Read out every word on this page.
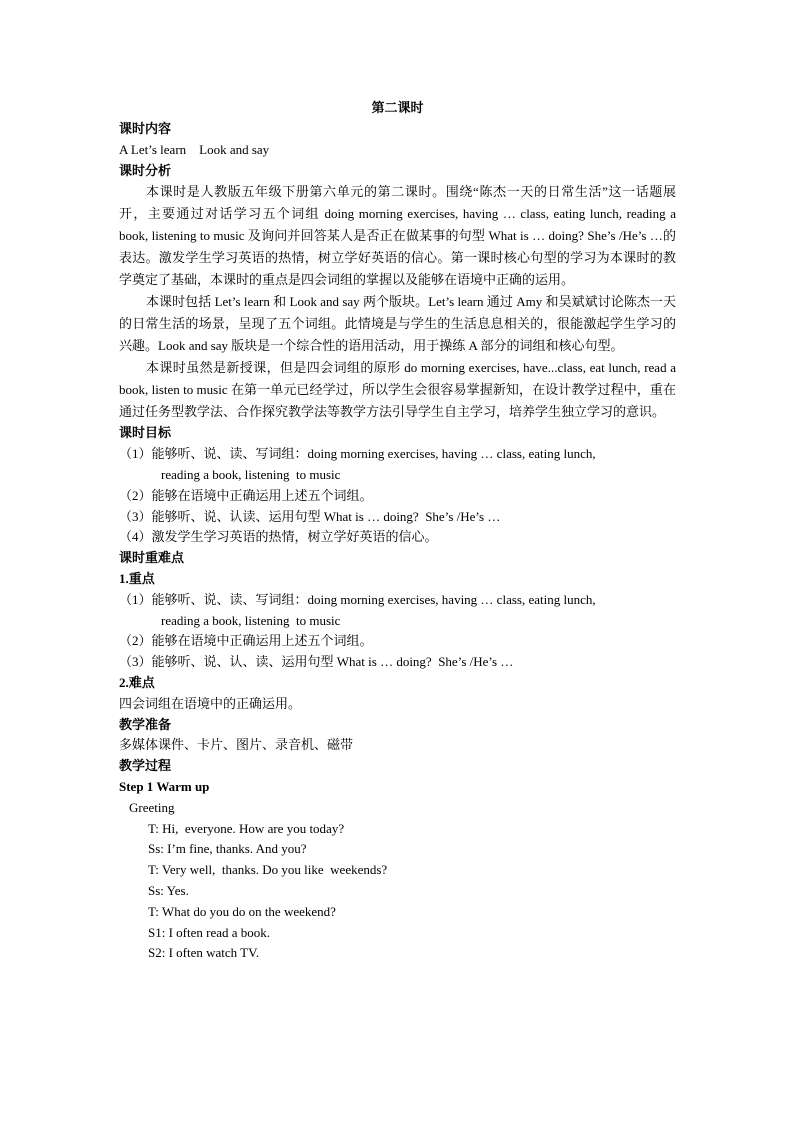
第二课时

课时内容

A Let’s learn    Look and say

课时分析

本课时是人教版五年级下册第六单元的第二课时。围绕“陈杰一天的日常生活”这一话题展开，主要通过对话学习五个词组 doing morning exercises, having … class, eating lunch, reading a book, listening to music 及询问并回答某人是否正在做某事的句型 What is … doing? She’s /He’s …的表达。激发学生学习英语的热情，树立学好英语的信心。第一课时核心句型的学习为本课时的教学奠定了基础，本课时的重点是四会词组的掌握以及能够在语境中正确的运用。

本课时包括 Let’s learn 和 Look and say 两个版块。Let’s learn 通过 Amy 和吴斌斌讨论陈杰一天的日常生活的场景，呈现了五个词组。此情境是与学生的生活息息相关的，很能激起学生学习的兴趣。Look and say 版块是一个综合性的语用活动，用于操练 A 部分的词组和核心句型。

本课时虽然是新授课，但是四会词组的原形 do morning exercises, have...class, eat lunch, read a book, listen to music 在第一单元已经学过，所以学生会很容易掌握新知，在设计教学过程中，重在通过任务型教学法、合作探究教学法等教学方法引导学生自主学习，培养学生独立学习的意识。

课时目标

（1）能够听、说、读、写词组：doing morning exercises, having … class, eating lunch,

reading a book, listening  to music

（2）能够在语境中正确运用上述五个词组。

（3）能够听、说、认读、运用句型 What is … doing?  She’s /He’s …

（4）激发学生学习英语的热情，树立学好英语的信心。

课时重难点

1.重点

（1）能够听、说、读、写词组：doing morning exercises, having … class, eating lunch,

reading a book, listening  to music

（2）能够在语境中正确运用上述五个词组。

（3）能够听、说、认、读、运用句型 What is … doing?  She’s /He’s …

2.难点

四会词组在语境中的正确运用。

教学准备

多媒体课件、卡片、图片、录音机、磁带

教学过程

Step 1 Warm up

Greeting

T: Hi,  everyone. How are you today?

Ss: I’m fine, thanks. And you?

T: Very well,  thanks. Do you like  weekends?

Ss: Yes.

T: What do you do on the weekend?

S1: I often read a book.

S2: I often watch TV.
